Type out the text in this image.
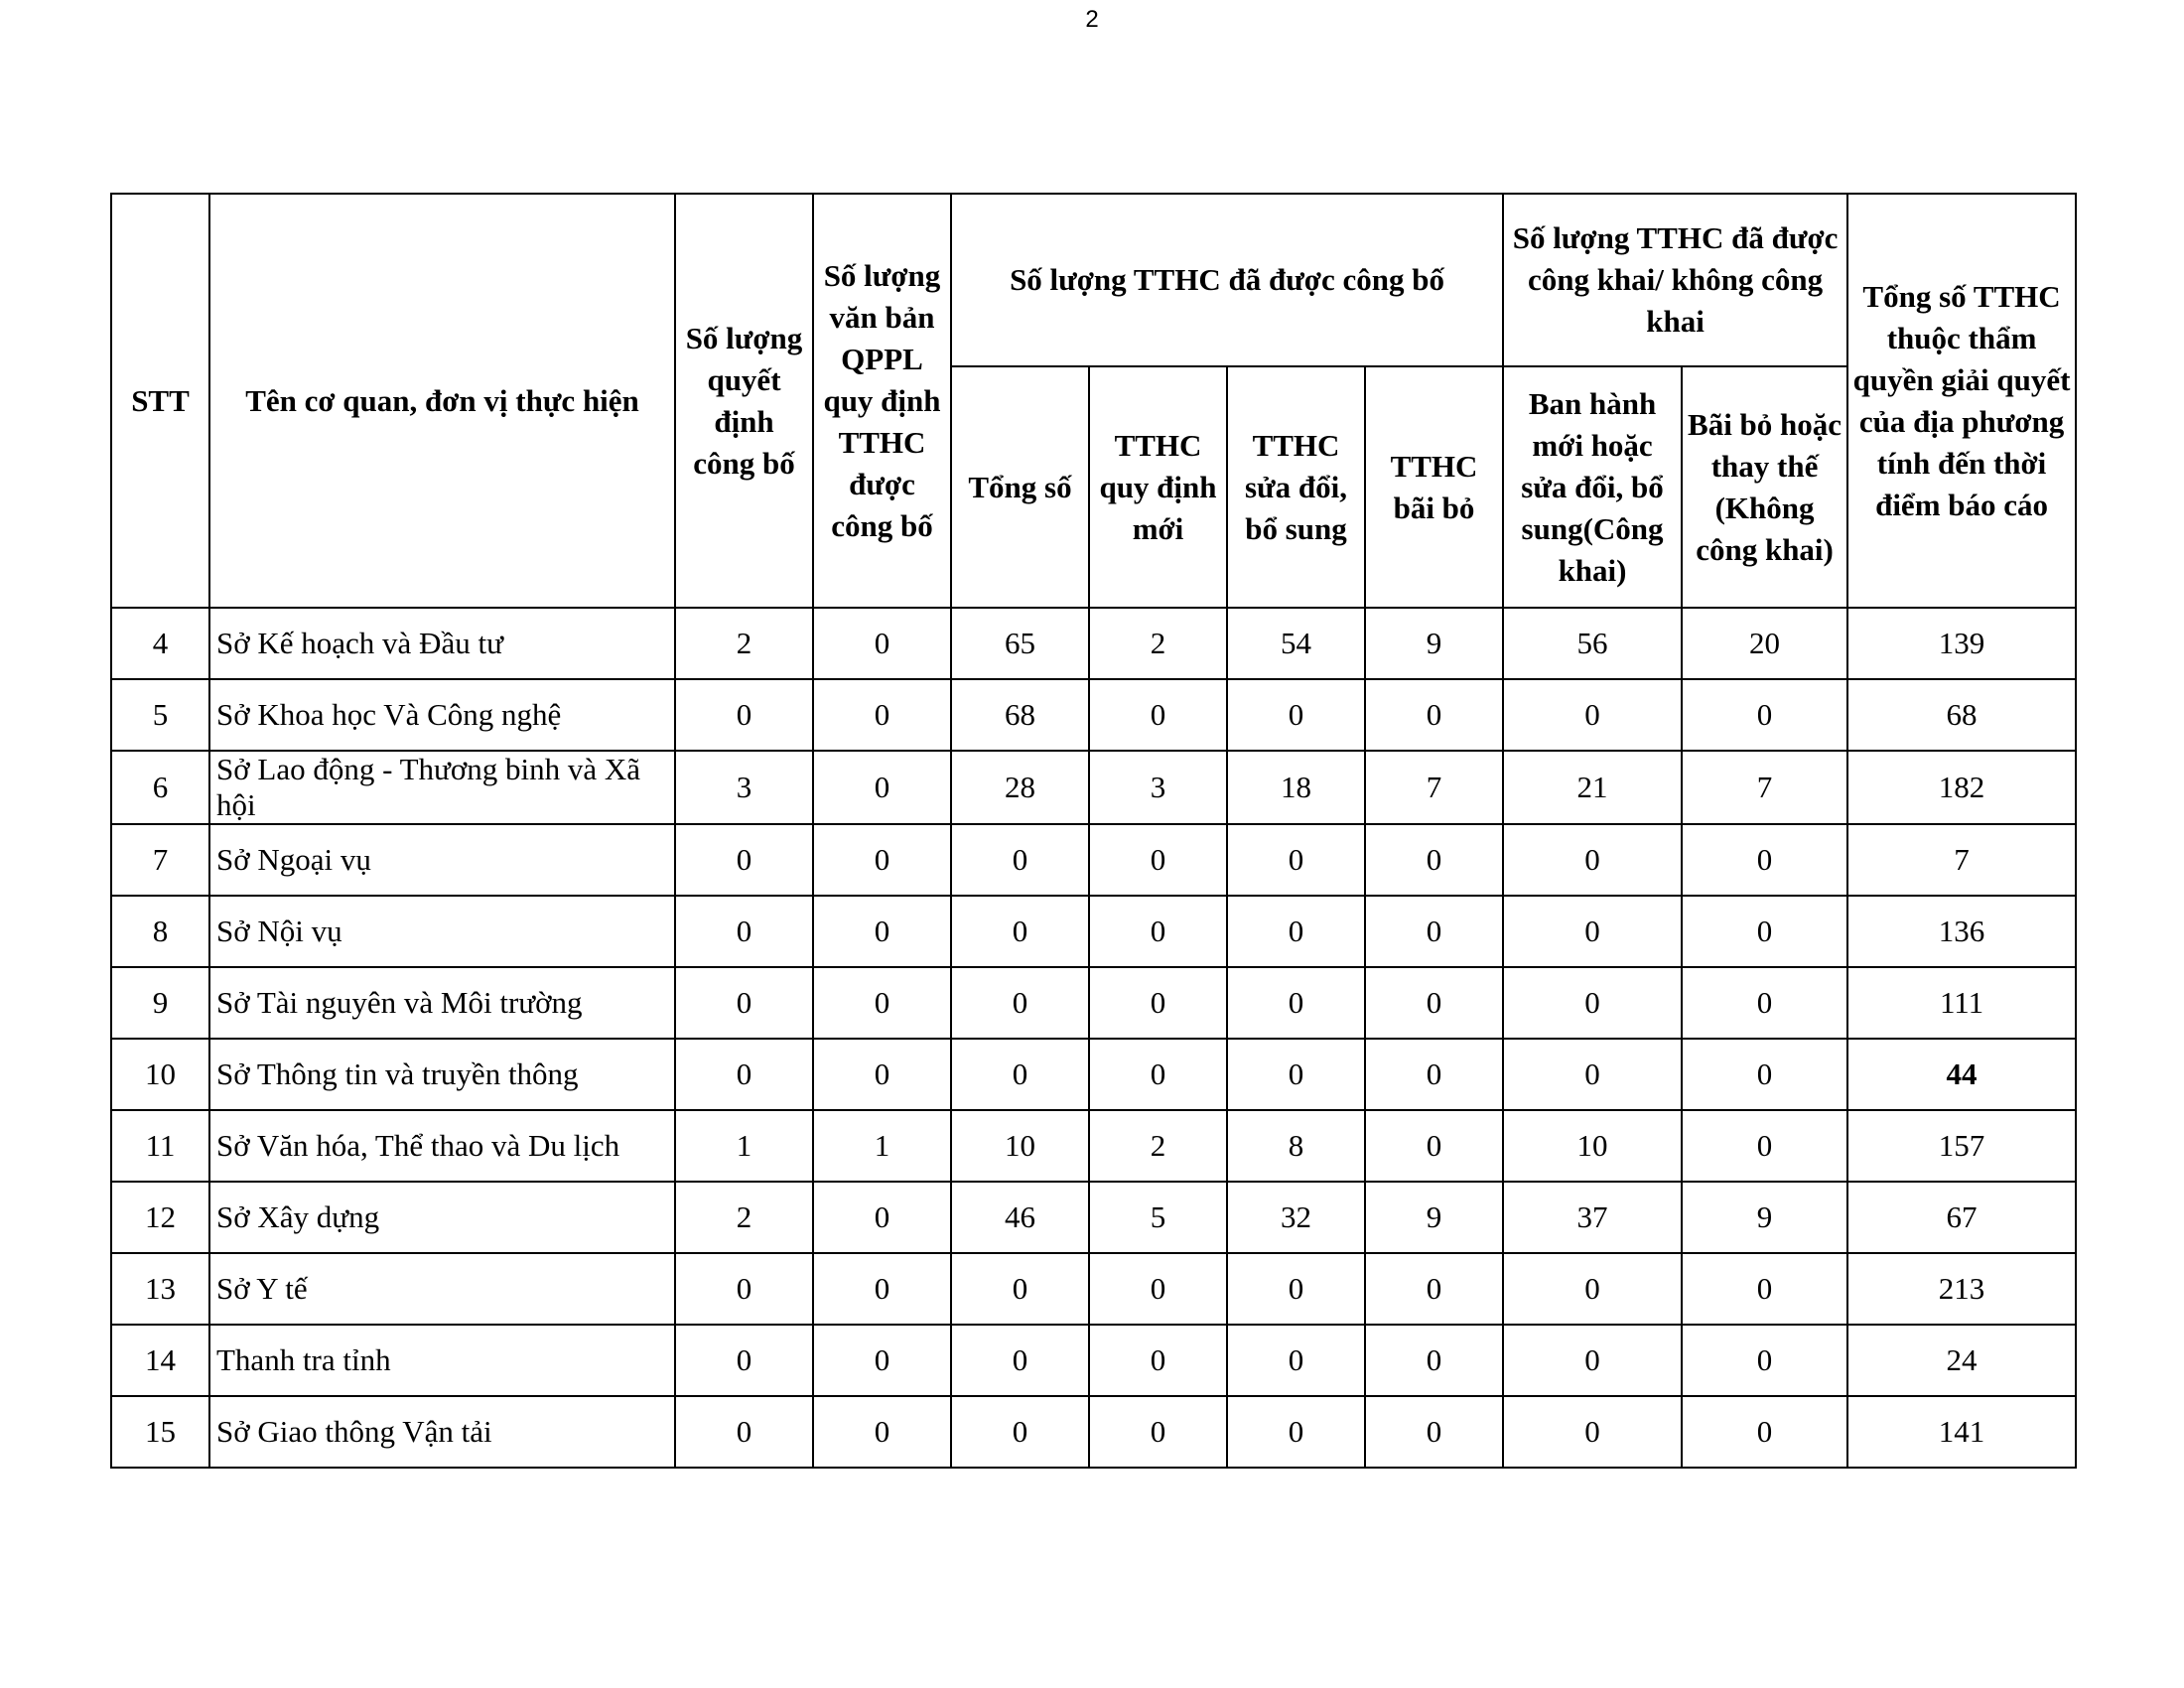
2
STT	Tên cơ quan, đơn vị thực hiện	Số lượng quyết định công bố	Số lượng văn bản QPPL quy định TTHC được công bố	Số lượng TTHC đã được công bố				Số lượng TTHC đã được công khai/ không công khai		Tổng số TTHC thuộc thẩm quyền giải quyết của địa phương tính đến thời điểm báo cáo
				Tổng số	TTHC quy định mới	TTHC sửa đổi, bổ sung	TTHC bãi bỏ	Ban hành mới hoặc sửa đổi, bổ sung(Công khai)	Bãi bỏ hoặc thay thế (Không công khai)	
4	Sở Kế hoạch và Đầu tư	2	0	65	2	54	9	56	20	139
5	Sở Khoa học Và Công nghệ	0	0	68	0	0	0	0	0	68
6	Sở Lao động - Thương binh và Xã hội	3	0	28	3	18	7	21	7	182
7	Sở Ngoại vụ	0	0	0	0	0	0	0	0	7
8	Sở Nội vụ	0	0	0	0	0	0	0	0	136
9	Sở Tài nguyên và Môi trường	0	0	0	0	0	0	0	0	111
10	Sở Thông tin và truyền thông	0	0	0	0	0	0	0	0	44
11	Sở Văn hóa, Thể thao và Du lịch	1	1	10	2	8	0	10	0	157
12	Sở Xây dựng	2	0	46	5	32	9	37	9	67
13	Sở Y tế	0	0	0	0	0	0	0	0	213
14	Thanh tra tỉnh	0	0	0	0	0	0	0	0	24
15	Sở Giao thông Vận tải	0	0	0	0	0	0	0	0	141
